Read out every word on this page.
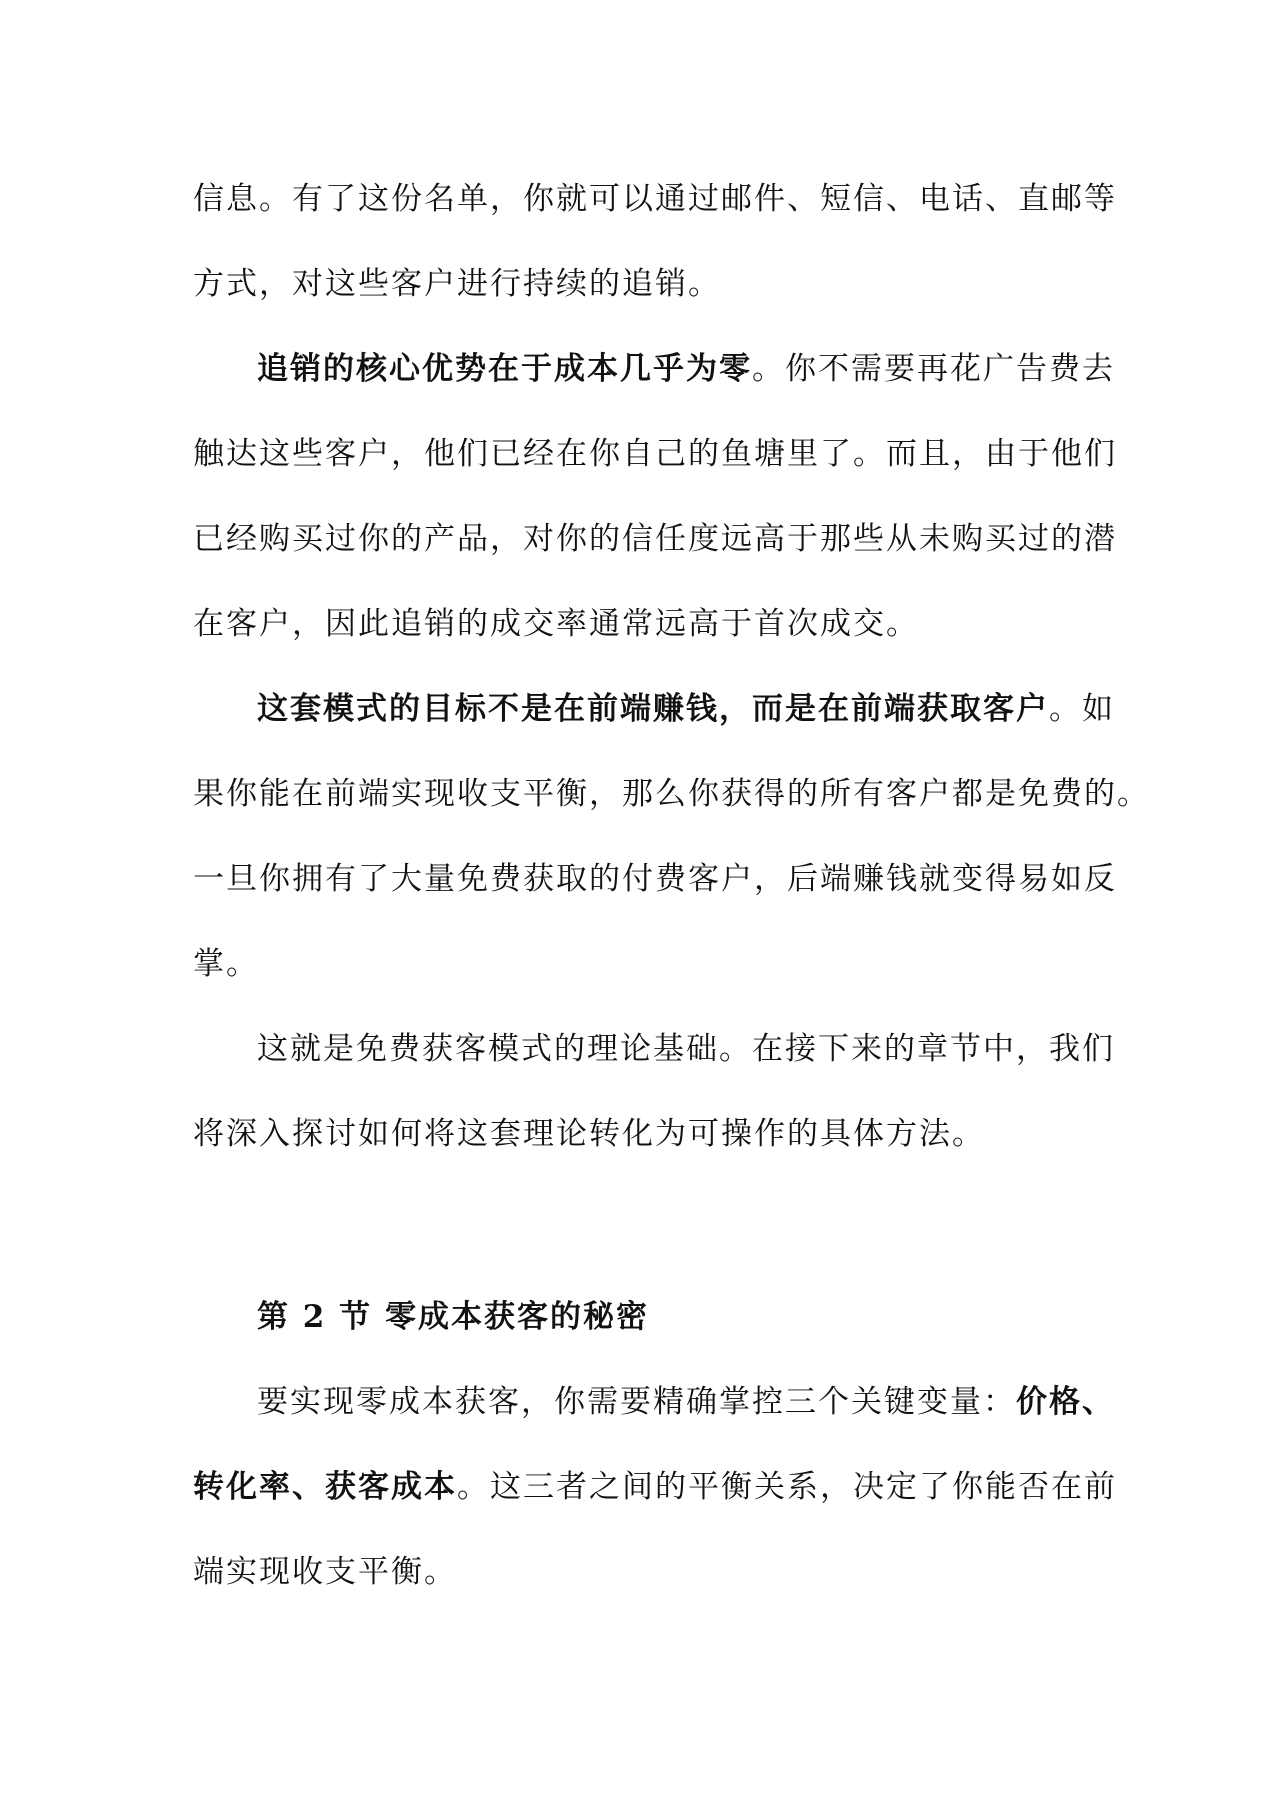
信息。有了这份名单，你就可以通过邮件、短信、电话、直邮等
方式，对这些客户进行持续的追销。
追销的核心优势在于成本几乎为零。你不需要再花广告费去
触达这些客户，他们已经在你自己的鱼塘里了。而且，由于他们
已经购买过你的产品，对你的信任度远高于那些从未购买过的潜
在客户，因此追销的成交率通常远高于首次成交。
这套模式的目标不是在前端赚钱，而是在前端获取客户。如
果你能在前端实现收支平衡，那么你获得的所有客户都是免费的。
一旦你拥有了大量免费获取的付费客户，后端赚钱就变得易如反
掌。
这就是免费获客模式的理论基础。在接下来的章节中，我们
将深入探讨如何将这套理论转化为可操作的具体方法。
第 2 节 零成本获客的秘密
要实现零成本获客，你需要精确掌控三个关键变量：价格、
转化率、获客成本。这三者之间的平衡关系，决定了你能否在前
端实现收支平衡。
